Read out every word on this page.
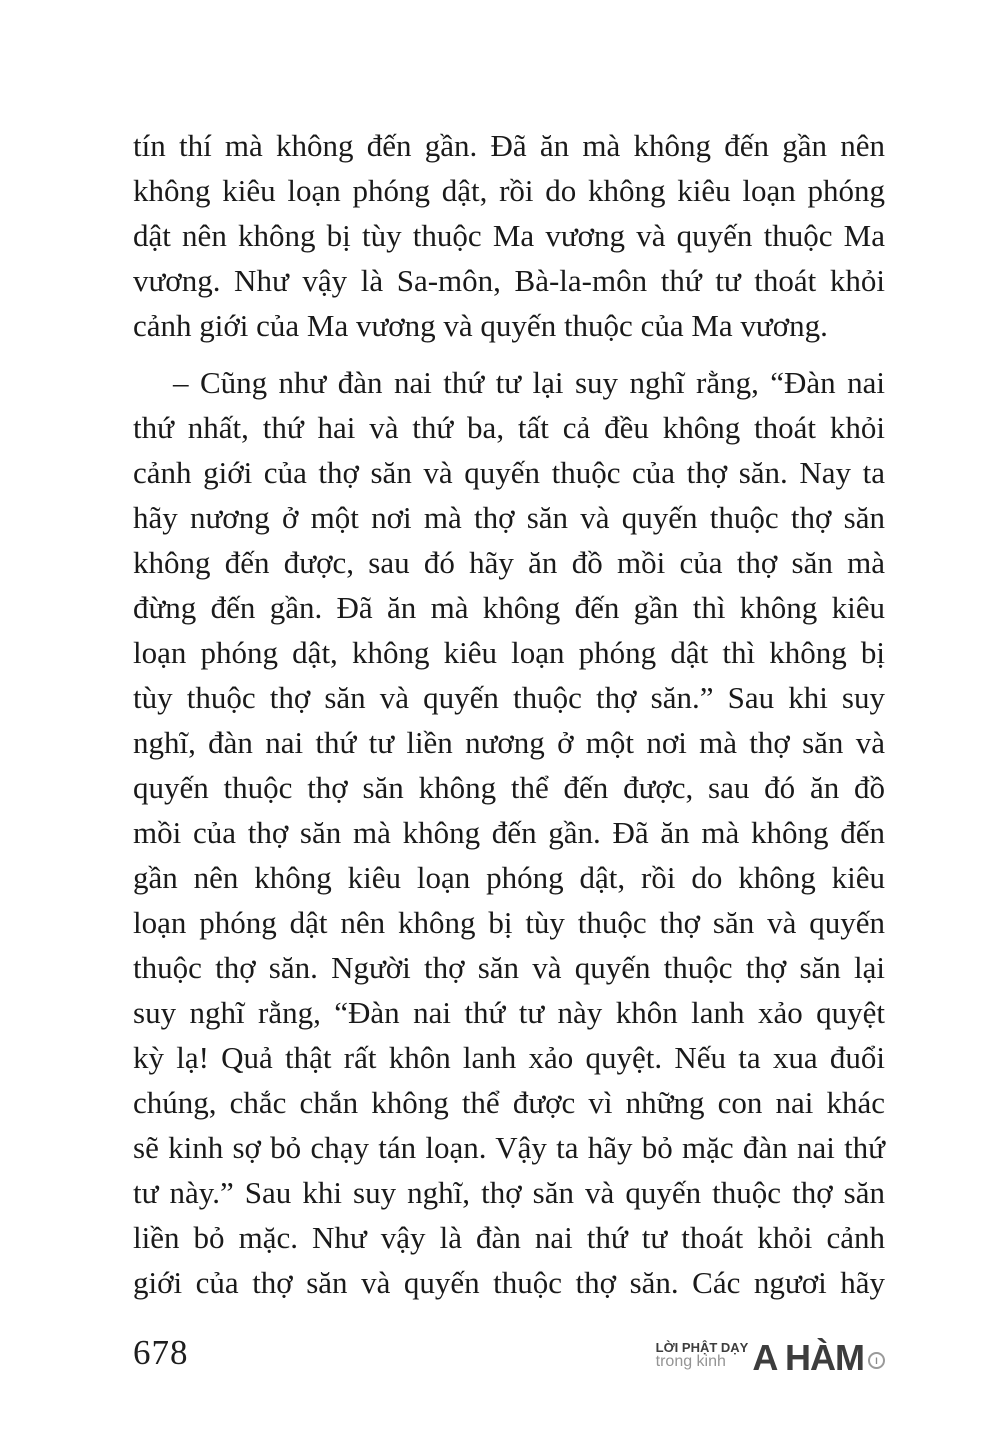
tín thí mà không đến gần. Đã ăn mà không đến gần nên
không kiêu loạn phóng dật, rồi do không kiêu loạn phóng
dật nên không bị tùy thuộc Ma vương và quyến thuộc Ma
vương. Như vậy là Sa-môn, Bà-la-môn thứ tư thoát khỏi
cảnh giới của Ma vương và quyến thuộc của Ma vương.
– Cũng như đàn nai thứ tư lại suy nghĩ rằng, “Đàn nai
thứ nhất, thứ hai và thứ ba, tất cả đều không thoát khỏi
cảnh giới của thợ săn và quyến thuộc của thợ săn. Nay ta
hãy nương ở một nơi mà thợ săn và quyến thuộc thợ săn
không đến được, sau đó hãy ăn đồ mồi của thợ săn mà
đừng đến gần. Đã ăn mà không đến gần thì không kiêu
loạn phóng dật, không kiêu loạn phóng dật thì không bị
tùy thuộc thợ săn và quyến thuộc thợ săn.” Sau khi suy
nghĩ, đàn nai thứ tư liền nương ở một nơi mà thợ săn và
quyến thuộc thợ săn không thể đến được, sau đó ăn đồ
mồi của thợ săn mà không đến gần. Đã ăn mà không đến
gần nên không kiêu loạn phóng dật, rồi do không kiêu
loạn phóng dật nên không bị tùy thuộc thợ săn và quyến
thuộc thợ săn. Người thợ săn và quyến thuộc thợ săn lại
suy nghĩ rằng, “Đàn nai thứ tư này khôn lanh xảo quyệt
kỳ lạ! Quả thật rất khôn lanh xảo quyệt. Nếu ta xua đuổi
chúng, chắc chắn không thể được vì những con nai khác
sẽ kinh sợ bỏ chạy tán loạn. Vậy ta hãy bỏ mặc đàn nai thứ
tư này.” Sau khi suy nghĩ, thợ săn và quyến thuộc thợ săn
liền bỏ mặc. Như vậy là đàn nai thứ tư thoát khỏi cảnh
giới của thợ săn và quyến thuộc thợ săn. Các ngươi hãy
678	LỜI PHẬT DẠY
trong kinh A HÀM	I
